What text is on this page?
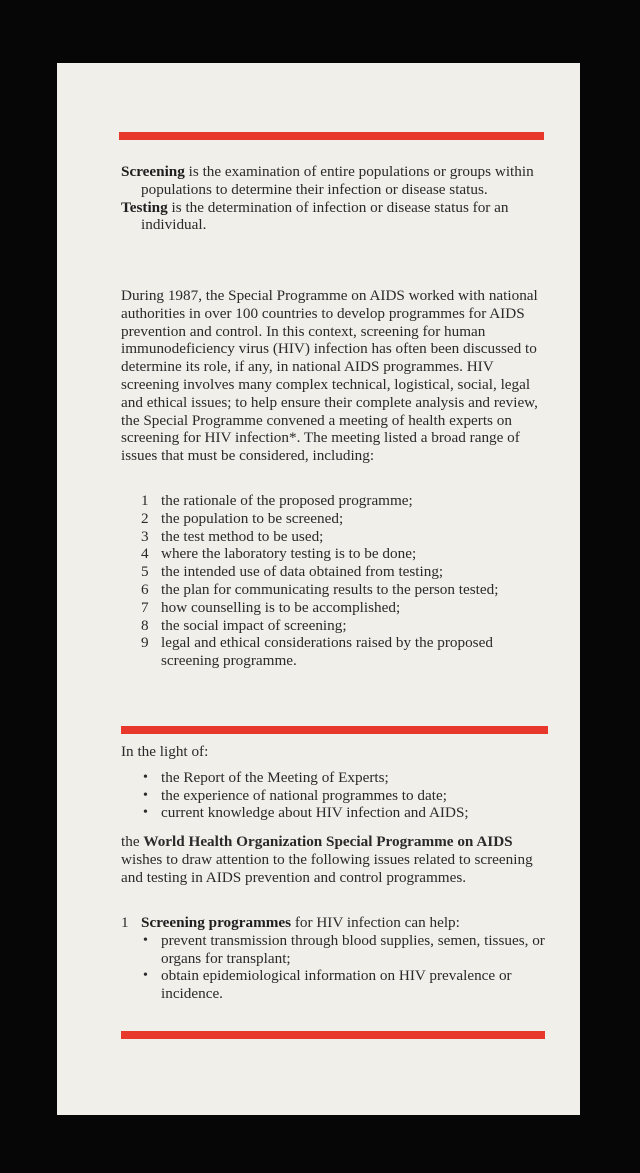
Screening is the examination of entire populations or groups within populations to determine their infection or disease status.

Testing is the determination of infection or disease status for an individual.

During 1987, the Special Programme on AIDS worked with national authorities in over 100 countries to develop programmes for AIDS prevention and control. In this context, screening for human immunodeficiency virus (HIV) infection has often been discussed to determine its role, if any, in national AIDS programmes. HIV screening involves many complex technical, logistical, social, legal and ethical issues; to help ensure their complete analysis and review, the Special Programme convened a meeting of health experts on screening for HIV infection*. The meeting listed a broad range of issues that must be considered, including:

1 the rationale of the proposed programme;
2 the population to be screened;
3 the test method to be used;
4 where the laboratory testing is to be done;
5 the intended use of data obtained from testing;
6 the plan for communicating results to the person tested;
7 how counselling is to be accomplished;
8 the social impact of screening;
9 legal and ethical considerations raised by the proposed screening programme.

In the light of:

• the Report of the Meeting of Experts;
• the experience of national programmes to date;
• current knowledge about HIV infection and AIDS;

the World Health Organization Special Programme on AIDS wishes to draw attention to the following issues related to screening and testing in AIDS prevention and control programmes.

1 Screening programmes for HIV infection can help:
• prevent transmission through blood supplies, semen, tissues, or organs for transplant;
• obtain epidemiological information on HIV prevalence or incidence.
